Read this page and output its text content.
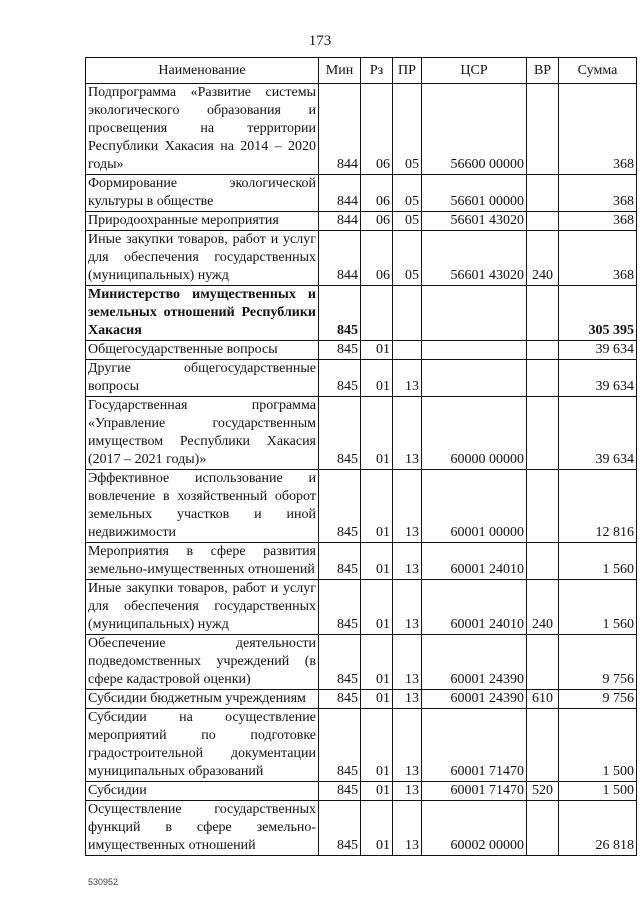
173
Наименование	Мин	Рз	ПР	ЦСР	ВР	Сумма
Подпрограмма «Развитие системы экологического образования и просвещения на территории Республики Хакасия на 2014 – 2020 годы»	844	06	05	56600 00000		368
Формирование экологической культуры в обществе	844	06	05	56601 00000		368
Природоохранные мероприятия	844	06	05	56601 43020		368
Иные закупки товаров, работ и услуг для обеспечения государственных (муниципальных) нужд	844	06	05	56601 43020	240	368
Министерство имущественных и земельных отношений Республики Хакасия	845					305 395
Общегосударственные вопросы	845	01				39 634
Другие общегосударственные вопросы	845	01	13			39 634
Государственная программа «Управление государственным имуществом Республики Хакасия (2017 – 2021 годы)»	845	01	13	60000 00000		39 634
Эффективное использование и вовлечение в хозяйственный оборот земельных участков и иной недвижимости	845	01	13	60001 00000		12 816
Мероприятия в сфере развития земельно-имущественных отношений	845	01	13	60001 24010		1 560
Иные закупки товаров, работ и услуг для обеспечения государственных (муниципальных) нужд	845	01	13	60001 24010	240	1 560
Обеспечение деятельности подведомственных учреждений (в сфере кадастровой оценки)	845	01	13	60001 24390		9 756
Субсидии бюджетным учреждениям	845	01	13	60001 24390	610	9 756
Субсидии на осуществление мероприятий по подготовке градостроительной документации муниципальных образований	845	01	13	60001 71470		1 500
Субсидии	845	01	13	60001 71470	520	1 500
Осуществление государственных функций в сфере земельно-имущественных отношений	845	01	13	60002 00000		26 818
530952
